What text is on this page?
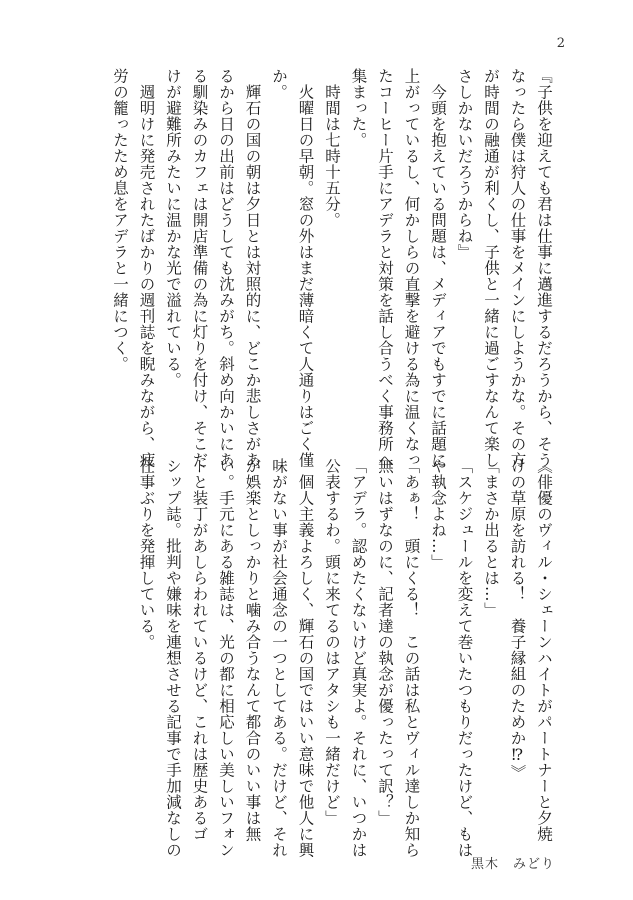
2

『子供を迎えても君は仕事に邁進するだろうから、そう

なったら僕は狩人の仕事をメインにしようかな。その方

が時間の融通が利くし、子供と一緒に過ごすなんて楽し

さしかないだろうからね』

　今頭を抱えている問題は、メディアでもすでに話題に

上がっているし、何かしらの直撃を避ける為に温くなっ

たコーヒー片手にアデラと対策を話し合うべく事務所へ

集まった。

　時間は七時十五分。

　火曜日の早朝。窓の外はまだ薄暗くて人通りはごく僅

か。

　輝石の国の朝は夕日とは対照的に、どこか悲しさがあ

るから日の出前はどうしても沈みがち。斜め向かいにあ

る馴染みのカフェは開店準備の為に灯りを付け、そこだ

けが避難所みたいに温かな光で溢れている。

　週明けに発売されたばかりの週刊誌を睨みながら、疲

労の籠ったため息をアデラと一緒につく。

《俳優のヴィル・シェーンハイトがパートナーと夕焼

けの草原を訪れる！　養子縁組のためか⁉︎》

「まさか出るとは…」

「スケジュールを変えて巻いたつもりだったけど、もは

や執念よね…」

「あぁ！　頭にくる！　この話は私とヴィル達しか知ら

無いはずなのに、記者達の執念が優ったって訳？」

「アデラ。認めたくないけど真実よ。それに、いつかは

公表するわ。頭に来てるのはアタシも一緒だけど」

　個人主義よろしく、輝石の国ではいい意味で他人に興

味がない事が社会通念の一つとしてある。だけど、それ

が娯楽としっかりと噛み合うなんて都合のいい事は無

い。手元にある雑誌は、光の都に相応しい美しいフォン

トと装丁があしらわれているけど、これは歴史あるゴ

シップ誌。批判や嫌味を連想させる記事で手加減なしの

仕事ぶりを発揮している。

黒木　みどり
